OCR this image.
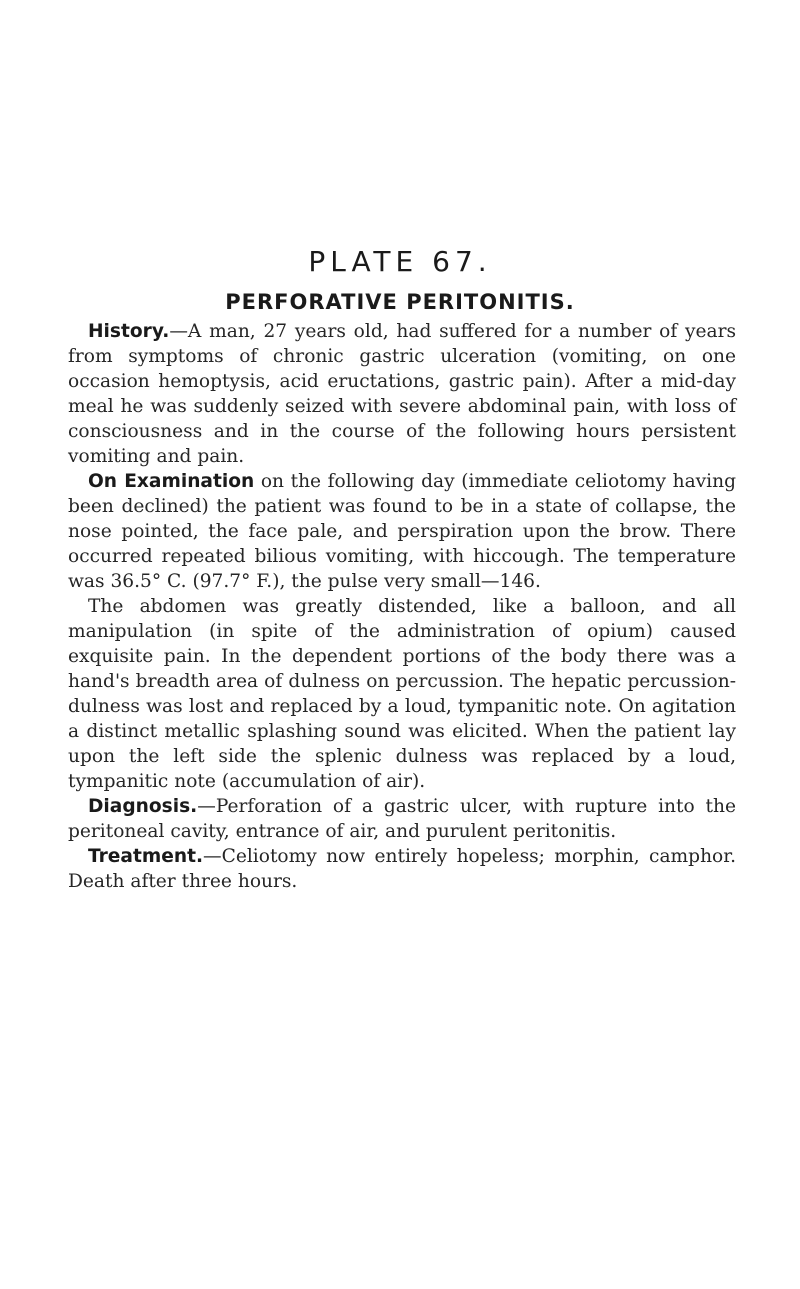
PLATE 67.
PERFORATIVE PERITONITIS.

History.—A man, 27 years old, had suffered for a number of years from symptoms of chronic gastric ulceration (vomiting, on one occasion hemoptysis, acid eructations, gastric pain). After a mid-day meal he was suddenly seized with severe abdominal pain, with loss of consciousness and in the course of the following hours persistent vomiting and pain.

On Examination on the following day (immediate celiotomy having been declined) the patient was found to be in a state of collapse, the nose pointed, the face pale, and perspiration upon the brow. There occurred repeated bilious vomiting, with hiccough. The temperature was 36.5° C. (97.7° F.), the pulse very small—146.

The abdomen was greatly distended, like a balloon, and all manipulation (in spite of the administration of opium) caused exquisite pain. In the dependent portions of the body there was a hand's breadth area of dulness on percussion. The hepatic percussion-dulness was lost and replaced by a loud, tympanitic note. On agitation a distinct metallic splashing sound was elicited. When the patient lay upon the left side the splenic dulness was replaced by a loud, tympanitic note (accumulation of air).

Diagnosis.—Perforation of a gastric ulcer, with rupture into the peritoneal cavity, entrance of air, and purulent peritonitis.

Treatment.—Celiotomy now entirely hopeless; morphin, camphor. Death after three hours.
